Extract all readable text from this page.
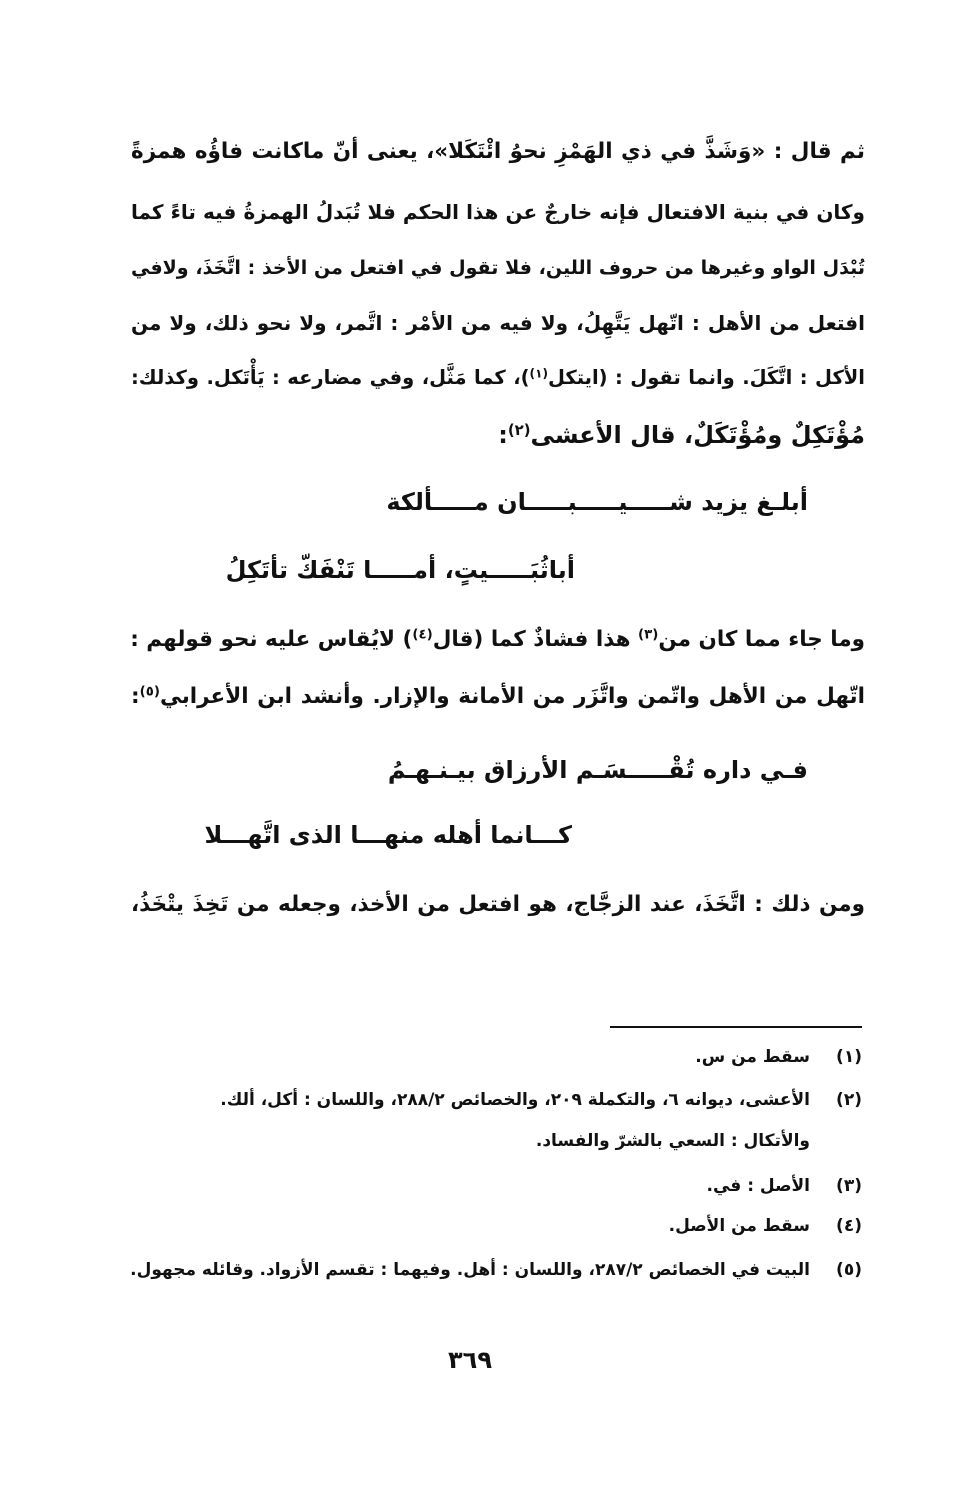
ثم قال : «وَشَذَّ في ذي الهَمْزِ نحوُ ائْتَكَلا»، يعنى أنّ ماكانت فاؤُه همزةً
وكان في بنية الافتعال فإنه خارجٌ عن هذا الحكم فلا تُبَدلُ الهمزةُ فيه تاءً كما
تُبْدَل الواو وغيرها من حروف اللين، فلا تقول في افتعل من الأخذ : اتَّخَذَ، ولافي
افتعل من الأهل : اتّهل يَتَّهِلُ، ولا فيه من الأمْر : اتَّمر، ولا نحو ذلك، ولا من
الأكل : اتَّكَلَ. وانما تقول : (ايتكل$^{(١)}$)، كما مَثَّل، وفي مضارعه : يَأْتَكل. وكذلك:
مُؤْتَكِلٌ ومُؤْتَكَلٌ، قال الأعشى$^{(٢)}$:
أبلـغ يزيد شـــــيـــــبـــــان مـــــألكة
أباثُبَـــــيتٍ، أمـــــا تَنْفَكّ تأتَكِلُ
وما جاء مما كان من$^{(٣)}$ هذا فشاذٌ كما (قال$^{(٤)}$) لايُقاس عليه نحو قولهم :
اتّهل من الأهل واتّمن واتَّزَر من الأمانة والإزار. وأنشد ابن الأعرابي$^{(٥)}$:
فـي داره تُقْـــــسَـم الأرزاق بيـنـهـمُ
كـــانما أهله منهـــا الذى اتَّهـــلا
ومن ذلك : اتَّخَذَ، عند الزجَّاج، هو افتعل من الأخذ، وجعله من تَخِذَ يتْخَذُ،
(١)سقط من س.
(٢)الأعشى، ديوانه ٦، والتكملة ٢٠٩، والخصائص ٢٨٨/٢، واللسان : أكل، ألك.
والأتكال : السعي بالشرّ والفساد.
(٣)الأصل : في.
(٤)سقط من الأصل.
(٥)البيت في الخصائص ٢٨٧/٢، واللسان : أهل. وفيهما : تقسم الأزواد. وقائله مجهول.
٣٦٩
